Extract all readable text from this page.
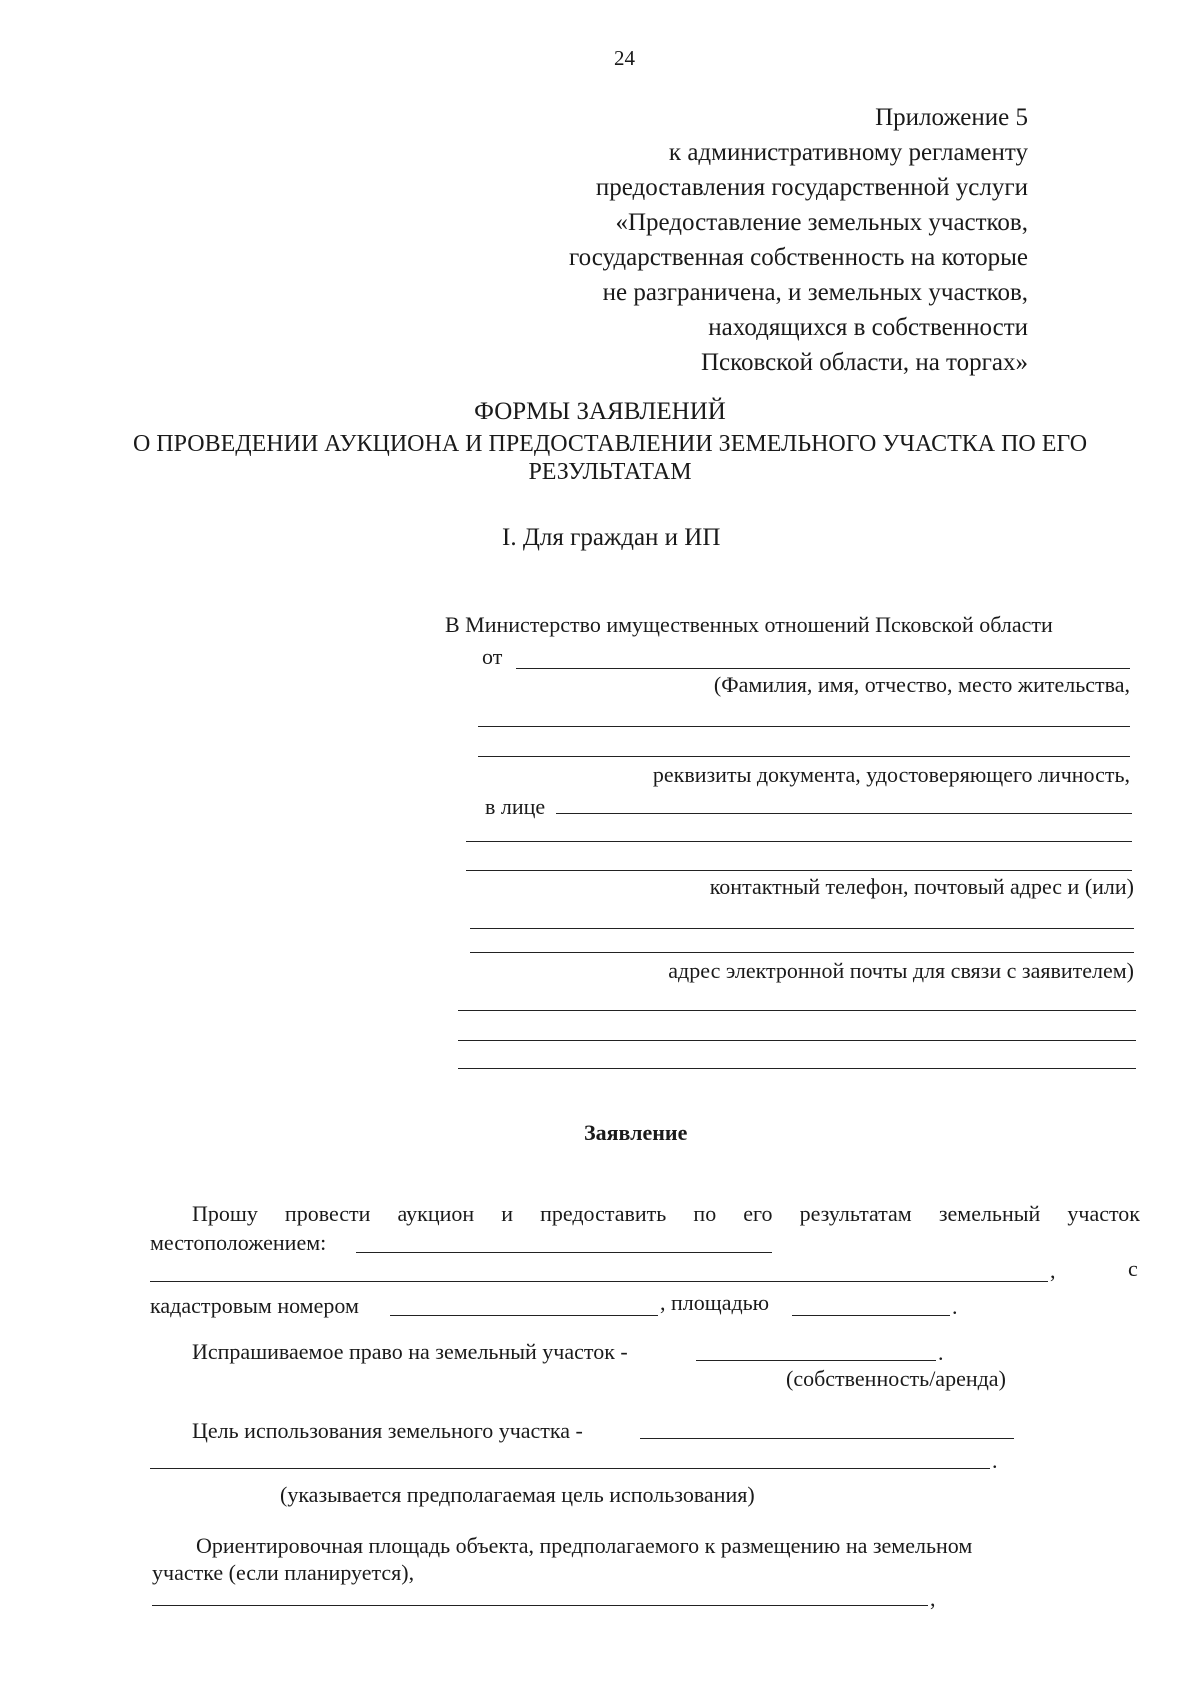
24
Приложение 5
к административному регламенту
предоставления государственной услуги
«Предоставление земельных участков,
государственная собственность на которые
не разграничена, и земельных участков,
находящихся в собственности
Псковской области, на торгах»
ФОРМЫ ЗАЯВЛЕНИЙ
О ПРОВЕДЕНИИ АУКЦИОНА И ПРЕДОСТАВЛЕНИИ ЗЕМЕЛЬНОГО УЧАСТКА ПО ЕГО
РЕЗУЛЬТАТАМ
I. Для граждан и ИП
В Министерство имущественных отношений Псковской области
от
(Фамилия, имя, отчество, место жительства,
реквизиты документа, удостоверяющего личность,
в лице
контактный телефон, почтовый адрес и (или)
адрес электронной почты для связи с заявителем)
Заявление
Прошу провести аукцион и предоставить по его результатам земельный участок
местоположением:
,	с
кадастровым номером	, площадью	.
Испрашиваемое право на земельный участок -	.
(собственность/аренда)
Цель использования земельного участка -
.
(указывается предполагаемая цель использования)
Ориентировочная площадь объекта, предполагаемого к размещению на земельном
участке (если планируется),
,
